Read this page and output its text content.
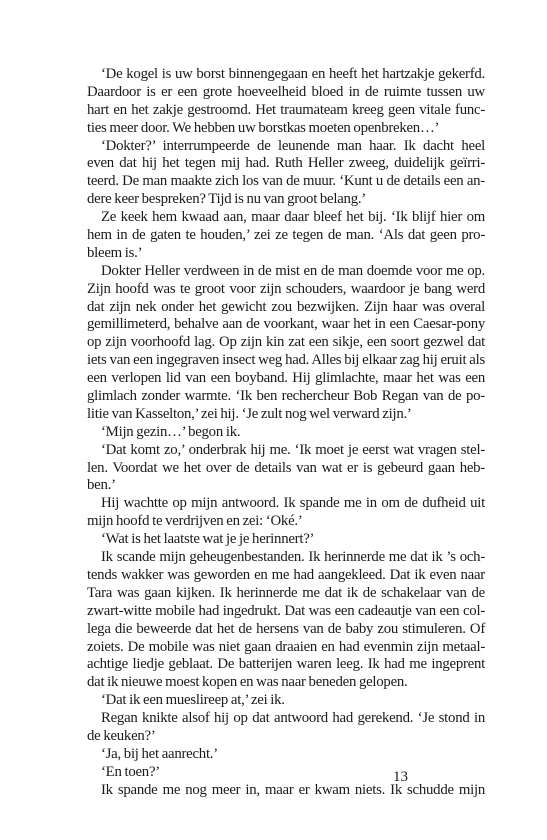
‘De kogel is uw borst binnengegaan en heeft het hartzakje gekerfd.
Daardoor is er een grote hoeveelheid bloed in de ruimte tussen uw
hart en het zakje gestroomd. Het traumateam kreeg geen vitale func-
ties meer door. We hebben uw borstkas moeten openbreken…’
‘Dokter?’ interrumpeerde de leunende man haar. Ik dacht heel
even dat hij het tegen mij had. Ruth Heller zweeg, duidelijk geïrri-
teerd. De man maakte zich los van de muur. ‘Kunt u de details een an-
dere keer bespreken? Tijd is nu van groot belang.’
Ze keek hem kwaad aan, maar daar bleef het bij. ‘Ik blijf hier om
hem in de gaten te houden,’ zei ze tegen de man. ‘Als dat geen pro-
bleem is.’
Dokter Heller verdween in de mist en de man doemde voor me op.
Zijn hoofd was te groot voor zijn schouders, waardoor je bang werd
dat zijn nek onder het gewicht zou bezwijken. Zijn haar was overal
gemillimeterd, behalve aan de voorkant, waar het in een Caesar-pony
op zijn voorhoofd lag. Op zijn kin zat een sikje, een soort gezwel dat
iets van een ingegraven insect weg had. Alles bij elkaar zag hij eruit als
een verlopen lid van een boyband. Hij glimlachte, maar het was een
glimlach zonder warmte. ‘Ik ben rechercheur Bob Regan van de po-
litie van Kasselton,’ zei hij. ‘Je zult nog wel verward zijn.’
‘Mijn gezin…’ begon ik.
‘Dat komt zo,’ onderbrak hij me. ‘Ik moet je eerst wat vragen stel-
len. Voordat we het over de details van wat er is gebeurd gaan heb-
ben.’
Hij wachtte op mijn antwoord. Ik spande me in om de dufheid uit
mijn hoofd te verdrijven en zei: ‘Oké.’
‘Wat is het laatste wat je je herinnert?’
Ik scande mijn geheugenbestanden. Ik herinnerde me dat ik ’s och-
tends wakker was geworden en me had aangekleed. Dat ik even naar
Tara was gaan kijken. Ik herinnerde me dat ik de schakelaar van de
zwart-witte mobile had ingedrukt. Dat was een cadeautje van een col-
lega die beweerde dat het de hersens van de baby zou stimuleren. Of
zoiets. De mobile was niet gaan draaien en had evenmin zijn metaal-
achtige liedje geblaat. De batterijen waren leeg. Ik had me ingeprent
dat ik nieuwe moest kopen en was naar beneden gelopen.
‘Dat ik een mueslireep at,’ zei ik.
Regan knikte alsof hij op dat antwoord had gerekend. ‘Je stond in
de keuken?’
‘Ja, bij het aanrecht.’
‘En toen?’
Ik spande me nog meer in, maar er kwam niets. Ik schudde mijn
13
